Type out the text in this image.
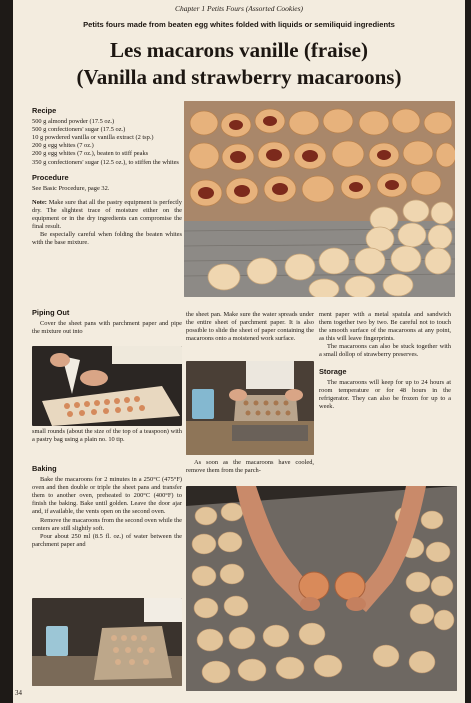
Chapter 1 Petits Fours (Assorted Cookies)
Petits fours made from beaten egg whites folded with liquids or semiliquid ingredients
Les macarons vanille (fraise)
(Vanilla and strawberry macaroons)
Recipe

500 g almond powder (17.5 oz.)

500 g confectioners' sugar (17.5 oz.)

10 g powdered vanilla or vanilla extract (2 tsp.)

200 g egg whites (7 oz.)

200 g egg whites (7 oz.), beaten to stiff peaks

350 g confectioners' sugar (12.5 oz.), to stiffen the whites

Procedure

See Basic Procedure, page 32.

Note: Make sure that all the pastry equipment is perfectly dry. The slightest trace of moisture either on the equipment or in the dry ingredients can compromise the final result.

Be especially careful when folding the beaten whites with the base mixture.

Piping Out

Cover the sheet pans with parchment paper and pipe the mixture out into

small rounds (about the size of the top of a teaspoon) with a pastry bag using a plain no. 10 tip.

Baking

Bake the macaroons for 2 minutes in a 250°C (475°F) oven and then double or triple the sheet pans and transfer them to another oven, preheated to 200°C (400°F) to finish the baking. Bake until golden. Leave the door ajar and, if available, the vents open on the second oven.

Remove the macaroons from the second oven while the centers are still slightly soft.

Pour about 250 ml (8.5 fl. oz.) of water between the parchment paper and

the sheet pan. Make sure the water spreads under the entire sheet of parchment paper. It is also possible to slide the sheet of paper containing the macaroons onto a moistened work surface.

As soon as the macaroons have cooled, remove them from the parch-

ment paper with a metal spatula and sandwich them together two by two. Be careful not to touch the smooth surface of the macaroons at any point, as this will leave fingerprints.

The macaroons can also be stuck together with a small dollop of strawberry preserves.

Storage

The macaroons will keep for up to 24 hours at room temperature or for 48 hours in the refrigerator. They can also be frozen for up to a week.

34
